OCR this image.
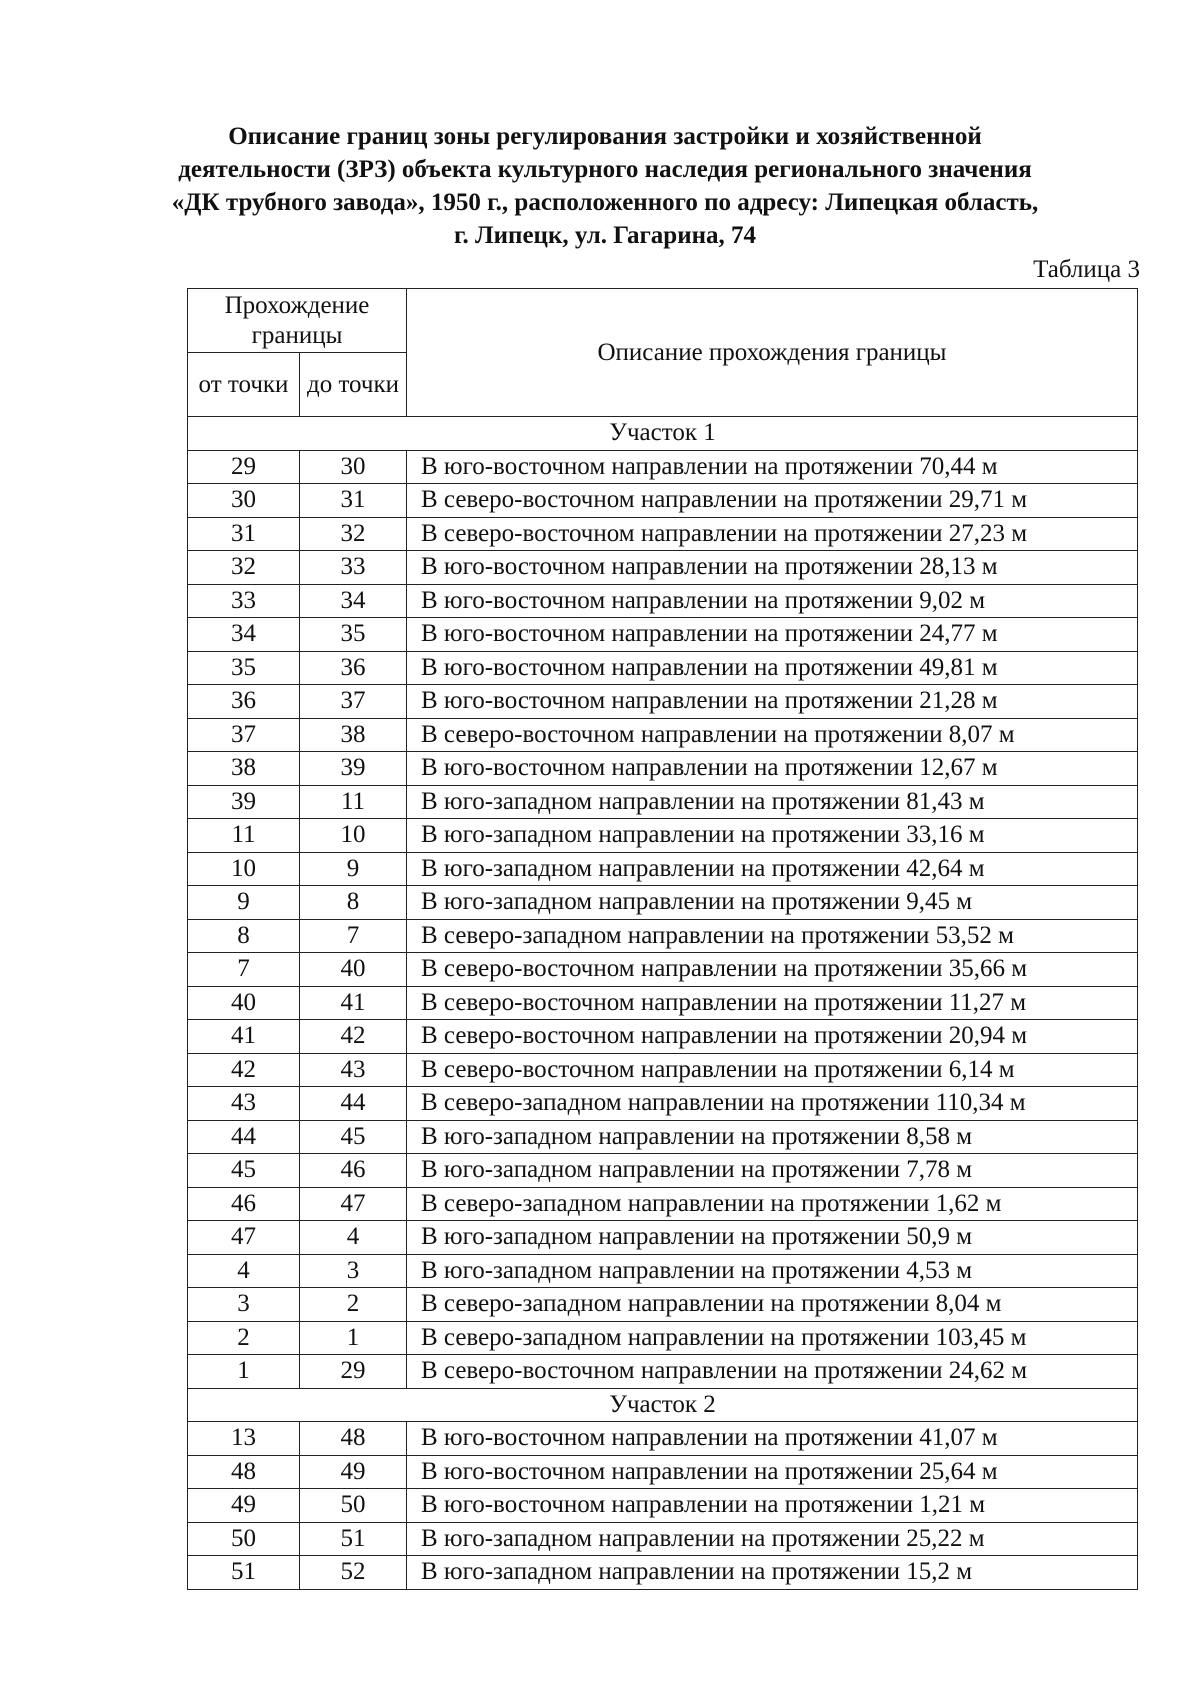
Описание границ зоны регулирования застройки и хозяйственной
деятельности (ЗРЗ) объекта культурного наследия регионального значения
«ДК трубного завода», 1950 г., расположенного по адресу: Липецкая область,
г. Липецк, ул. Гагарина, 74
Таблица 3
Прохождение границы		Описание прохождения границы
от точки	до точки	
Участок 1		
29	30	В юго-восточном направлении на протяжении 70,44 м
30	31	В северо-восточном направлении на протяжении 29,71 м
31	32	В северо-восточном направлении на протяжении 27,23 м
32	33	В юго-восточном направлении на протяжении 28,13 м
33	34	В юго-восточном направлении на протяжении 9,02 м
34	35	В юго-восточном направлении на протяжении 24,77 м
35	36	В юго-восточном направлении на протяжении 49,81 м
36	37	В юго-восточном направлении на протяжении 21,28 м
37	38	В северо-восточном направлении на протяжении 8,07 м
38	39	В юго-восточном направлении на протяжении 12,67 м
39	11	В юго-западном направлении на протяжении 81,43 м
11	10	В юго-западном направлении на протяжении 33,16 м
10	9	В юго-западном направлении на протяжении 42,64 м
9	8	В юго-западном направлении на протяжении 9,45 м
8	7	В северо-западном направлении на протяжении 53,52 м
7	40	В северо-восточном направлении на протяжении 35,66 м
40	41	В северо-восточном направлении на протяжении 11,27 м
41	42	В северо-восточном направлении на протяжении 20,94 м
42	43	В северо-восточном направлении на протяжении 6,14 м
43	44	В северо-западном направлении на протяжении 110,34 м
44	45	В юго-западном направлении на протяжении 8,58 м
45	46	В юго-западном направлении на протяжении 7,78 м
46	47	В северо-западном направлении на протяжении 1,62 м
47	4	В юго-западном направлении на протяжении 50,9 м
4	3	В юго-западном направлении на протяжении 4,53 м
3	2	В северо-западном направлении на протяжении 8,04 м
2	1	В северо-западном направлении на протяжении 103,45 м
1	29	В северо-восточном направлении на протяжении 24,62 м
Участок 2		
13	48	В юго-восточном направлении на протяжении 41,07 м
48	49	В юго-восточном направлении на протяжении 25,64 м
49	50	В юго-восточном направлении на протяжении 1,21 м
50	51	В юго-западном направлении на протяжении 25,22 м
51	52	В юго-западном направлении на протяжении 15,2 м
